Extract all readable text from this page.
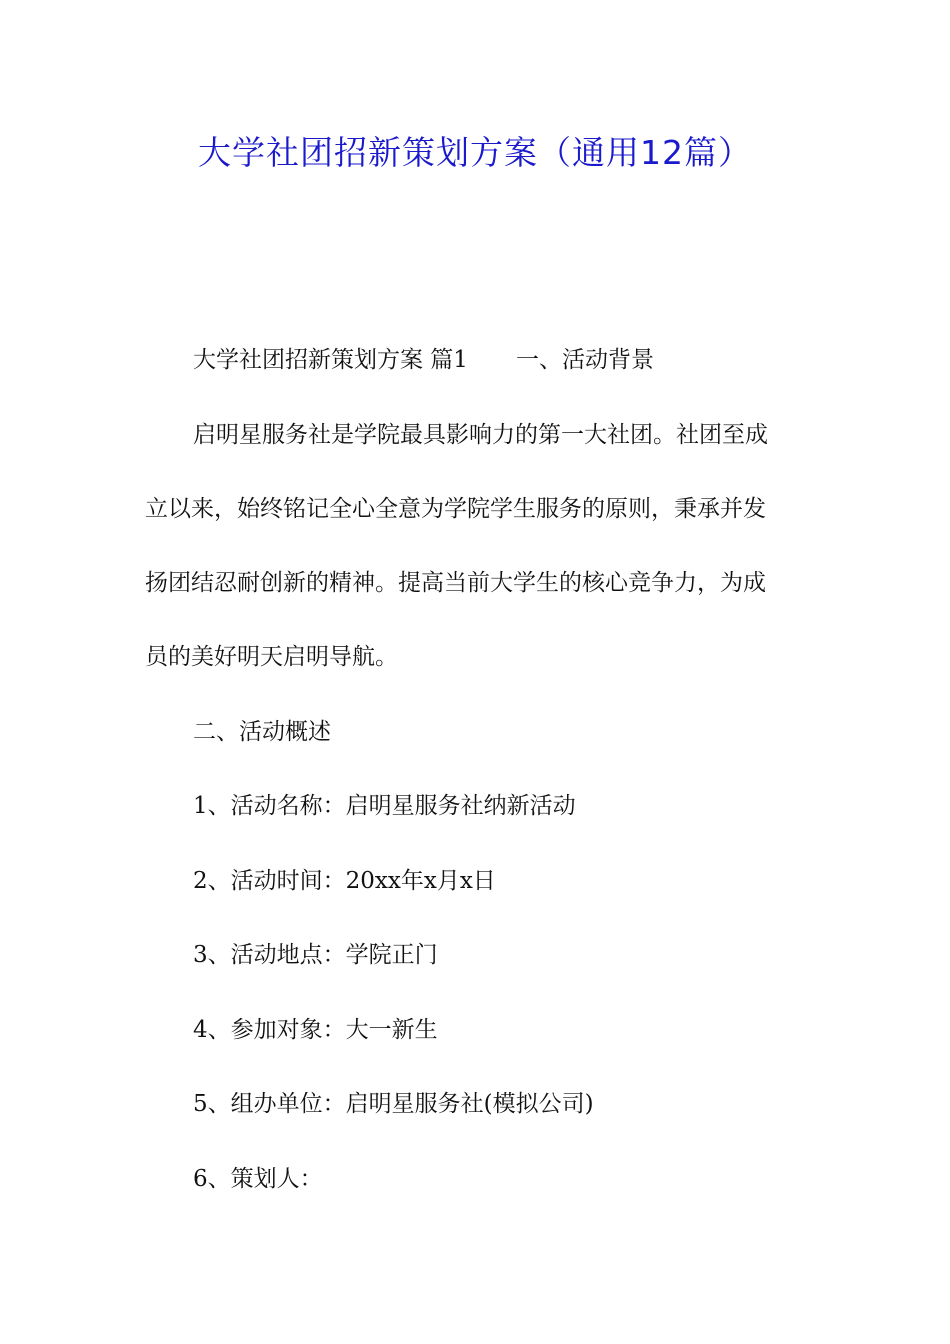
大学社团招新策划方案（通用12篇）
大学社团招新策划方案 篇1 一、活动背景
启明星服务社是学院最具影响力的第一大社团。社团至成
立以来，始终铭记全心全意为学院学生服务的原则，秉承并发
扬团结忍耐创新的精神。提高当前大学生的核心竞争力，为成
员的美好明天启明导航。
二、活动概述
1、活动名称：启明星服务社纳新活动
2、活动时间：20xx年x月x日
3、活动地点：学院正门
4、参加对象：大一新生
5、组办单位：启明星服务社(模拟公司)
6、策划人：
